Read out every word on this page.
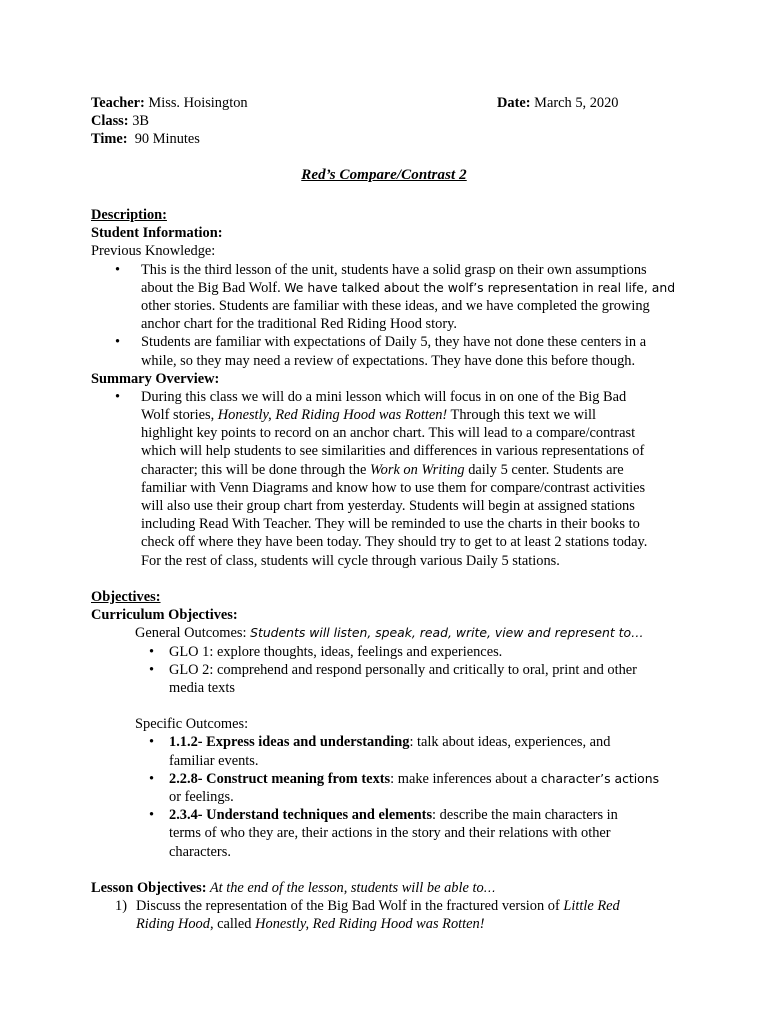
Teacher: Miss. Hoisington
Class: 3B
Time:  90 Minutes
Date: March 5, 2020
Red’s Compare/Contrast 2
Description:
Student Information:
Previous Knowledge:
• This is the third lesson of the unit, students have a solid grasp on their own assumptions
about the Big Bad Wolf. We have talked about the wolf’s representation in real life, and
other stories. Students are familiar with these ideas, and we have completed the growing
anchor chart for the traditional Red Riding Hood story.
• Students are familiar with expectations of Daily 5, they have not done these centers in a
while, so they may need a review of expectations. They have done this before though.
Summary Overview:
• During this class we will do a mini lesson which will focus in on one of the Big Bad
Wolf stories, Honestly, Red Riding Hood was Rotten! Through this text we will
highlight key points to record on an anchor chart. This will lead to a compare/contrast
which will help students to see similarities and differences in various representations of
character; this will be done through the Work on Writing daily 5 center. Students are
familiar with Venn Diagrams and know how to use them for compare/contrast activities
will also use their group chart from yesterday. Students will begin at assigned stations
including Read With Teacher. They will be reminded to use the charts in their books to
check off where they have been today. They should try to get to at least 2 stations today.
For the rest of class, students will cycle through various Daily 5 stations.
Objectives:
Curriculum Objectives:
General Outcomes: Students will listen, speak, read, write, view and represent to…
• GLO 1: explore thoughts, ideas, feelings and experiences.
• GLO 2: comprehend and respond personally and critically to oral, print and other
media texts
Specific Outcomes:
• 1.1.2- Express ideas and understanding: talk about ideas, experiences, and
familiar events.
• 2.2.8- Construct meaning from texts: make inferences about a character’s actions
or feelings.
• 2.3.4- Understand techniques and elements: describe the main characters in
terms of who they are, their actions in the story and their relations with other
characters.
Lesson Objectives: At the end of the lesson, students will be able to…
1) Discuss the representation of the Big Bad Wolf in the fractured version of Little Red
Riding Hood, called Honestly, Red Riding Hood was Rotten!
